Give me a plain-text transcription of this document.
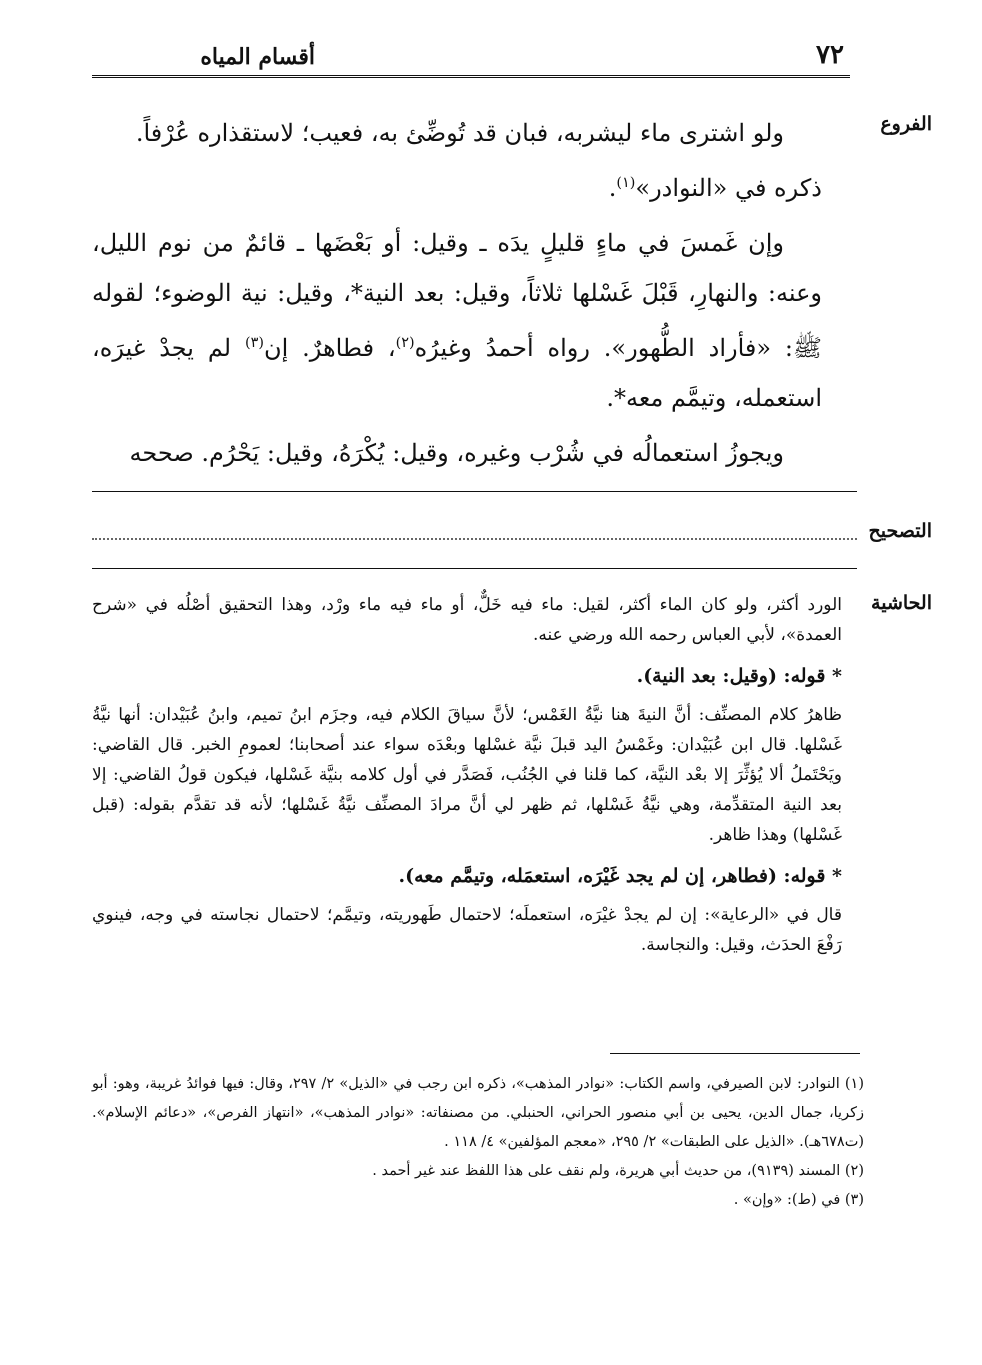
٧٢
أقسام المياه
الفروع
التصحيح
الحاشية

ولو اشترى ماء ليشربه، فبان قد تُوضِّئ به، فعيب؛ لاستقذاره عُرْفاً.
ذكره في «النوادر»$^{(١)}$.

وإن غَمسَ في ماءٍ قليلٍ يدَه ـ وقيل: أو بَعْضَها ـ قائمٌ من نوم الليل، وعنه: والنهارِ، قَبْلَ غَسْلها ثلاثاً، وقيل: بعد النية*، وقيل: نية الوضوء؛ لقوله ﷺ: «فأراد الطُّهور». رواه أحمدُ وغيرُه$^{(٢)}$، فطاهرٌ. إن$^{(٣)}$ لم يجدْ غيرَه، استعمله، وتيمَّم معه*.

ويجوزُ استعمالُه في شُرْب وغيره، وقيل: يُكْرَهُ، وقيل: يَحْرُم. صححه

الورد أكثر، ولو كان الماء أكثر، لقيل: ماء فيه خَلٌّ، أو ماء فيه ماء ورْد، وهذا التحقيق أصْلُه في «شرح العمدة»، لأبي العباس رحمه الله ورضي عنه.

* قوله: (وقيل: بعد النية).

ظاهرُ كلام المصنِّف: أنَّ النيةَ هنا نيَّةُ الغَمْس؛ لأنَّ سياقَ الكلام فيه، وجزَم ابنُ تميم، وابنُ عُبَيْدان: أنها نيَّةُ غَسْلها. قال ابن عُبَيْدان: وغَمْسُ اليد قبلَ نيَّة غسْلها وبعْدَه سواء عند أصحابنا؛ لعمومِ الخبر. قال القاضي: ويَحْتَملُ ألا يُؤثِّرَ إلا بعْد النيَّة، كما قلنا في الجُنُب، فَصَدَّر في أول كلامه بنيَّة غَسْلها، فيكون قولُ القاضي: إلا بعد النية المتقدِّمة، وهي نيَّةُ غَسْلها، ثم ظهر لي أنَّ مرادَ المصنِّف نيَّةُ غَسْلها؛ لأنه قد تقدَّم بقوله: (قبل غَسْلها) وهذا ظاهر.

* قوله: (فطاهر، إن لم يجد غَيْرَه، استعمَله، وتيمَّم معه).

قال في «الرعاية»: إن لم يجدْ غيْرَه، استعملَه؛ لاحتمال طَهوريته، وتيمَّم؛ لاحتمال نجاسته في وجه، فينوي رَفْعَ الحدَث، وقيل: والنجاسة.

(١) النوادر: لابن الصيرفي، واسم الكتاب: «نوادر المذهب»، ذكره ابن رجب في «الذيل» ٢/ ٢٩٧، وقال: فيها فوائدُ غريبة، وهو: أبو زكريا، جمال الدين، يحيى بن أبي منصور الحراني، الحنبلي. من مصنفاته: «نوادر المذهب»، «انتهاز الفرص»، «دعائم الإسلام». (ت٦٧٨هـ). «الذيل على الطبقات» ٢/ ٢٩٥، «معجم المؤلفين» ٤/ ١١٨ .

(٢) المسند (٩١٣٩)، من حديث أبي هريرة، ولم نقف على هذا اللفظ عند غير أحمد .

(٣) في (ط): «وإن» .
